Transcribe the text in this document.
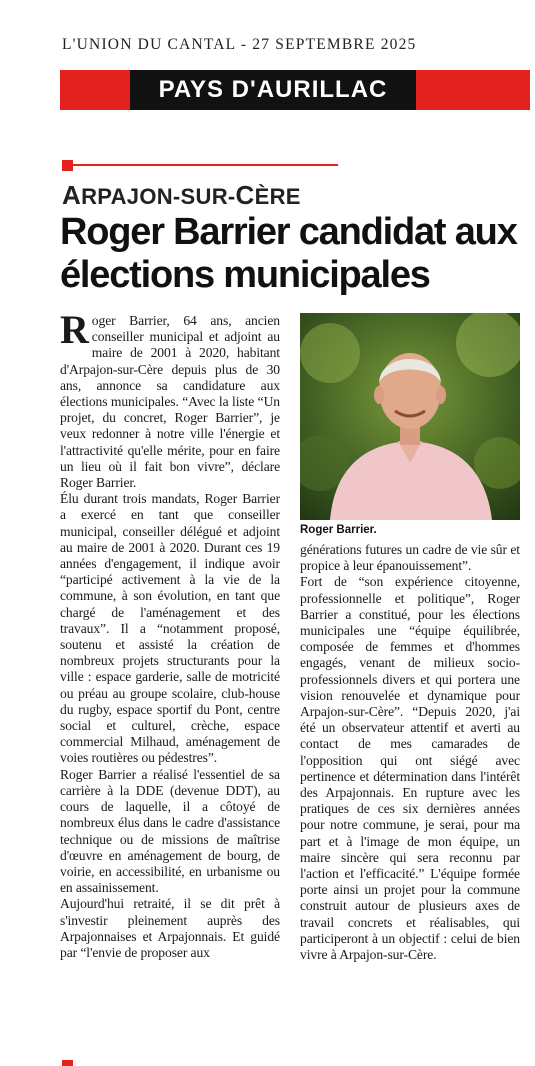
L'UNION DU CANTAL - 27 SEPTEMBRE 2025
PAYS D'AURILLAC
ARPAJON-SUR-CÈRE
Roger Barrier candidat aux élections municipales

Roger Barrier, 64 ans, ancien conseiller municipal et adjoint au maire de 2001 à 2020, habitant d'Arpajon-sur-Cère depuis plus de 30 ans, annonce sa candidature aux élections municipales. “Avec la liste “Un projet, du concret, Roger Barrier”, je veux redonner à notre ville l'énergie et l'attractivité qu'elle mérite, pour en faire un lieu où il fait bon vivre”, déclare Roger Barrier.

Élu durant trois mandats, Roger Barrier a exercé en tant que conseiller municipal, conseiller délégué et adjoint au maire de 2001 à 2020. Durant ces 19 années d'engagement, il indique avoir “participé activement à la vie de la commune, à son évolution, en tant que chargé de l'aménagement et des travaux”. Il a “notamment proposé, soutenu et assisté la création de nombreux projets structurants pour la ville : espace garderie, salle de motricité ou préau au groupe scolaire, club-house du rugby, espace sportif du Pont, centre social et culturel, crèche, espace commercial Milhaud, aménagement de voies routières ou pédestres”.

Roger Barrier a réalisé l'essentiel de sa carrière à la DDE (devenue DDT), au cours de laquelle, il a côtoyé de nombreux élus dans le cadre d'assistance technique ou de missions de maîtrise d'œuvre en aménagement de bourg, de voirie, en accessibilité, en urbanisme ou en assainissement.

Aujourd'hui retraité, il se dit prêt à s'investir pleinement auprès des Arpajonnaises et Arpajonnais. Et guidé par “l'envie de proposer aux

Roger Barrier.

générations futures un cadre de vie sûr et propice à leur épanouissement”.

Fort de “son expérience citoyenne, professionnelle et politique”, Roger Barrier a constitué, pour les élections municipales une “équipe équilibrée, composée de femmes et d'hommes engagés, venant de milieux socio-professionnels divers et qui portera une vision renouvelée et dynamique pour Arpajon-sur-Cère”. “Depuis 2020, j'ai été un observateur attentif et averti au contact de mes camarades de l'opposition qui ont siégé avec pertinence et détermination dans l'intérêt des Arpajonnais. En rupture avec les pratiques de ces six dernières années pour notre commune, je serai, pour ma part et à l'image de mon équipe, un maire sincère qui sera reconnu par l'action et l'efficacité.” L'équipe formée porte ainsi un projet pour la commune construit autour de plusieurs axes de travail concrets et réalisables, qui participeront à un objectif : celui de bien vivre à Arpajon-sur-Cère.
